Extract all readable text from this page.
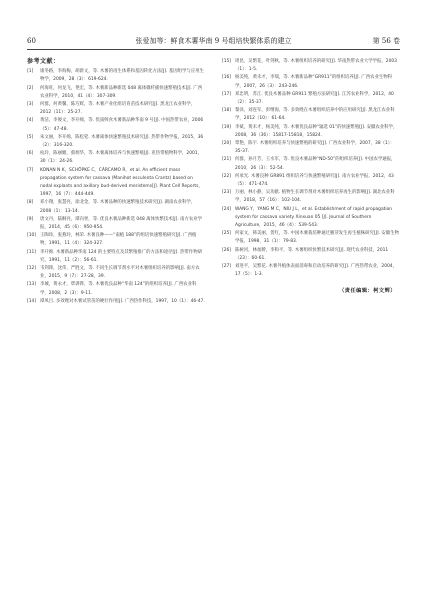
60	张爱加等：鲜食木薯华南 9 号组培快繁体系的建立	第 56 卷
参考文献：
[1]	康冬路，李海梅，胡新文，等. 木薯的再生体系和基因转化方法[J]. 基因组学与应用生物学，2009，28（3）：619-624.
[2]	何海旺，何龙飞，荛宏，等. 木薯新品种新选 048 离体微纤插快速繁殖技术[J]. 广西农业科学，2010，41（4）：307-309.
[3]	何群，何黄馨，陈巧辉，等. 木薯产业化组培育苗技术研究[J]. 黑龙江农业科学，2012（11）：25-27.
[4]	黄洁，李俊文，李开绵，等. 优质鲜食木薯新品种华南 9 号[J]. 中国热带农业，2006（5）：47-48.
[5]	朱文丽，李开绵，陈松笔. 木薯离体快速繁殖技术研究[J]. 热带作物学报，2015，36（2）：316-320.
[6]	杭玲，陈丽媚，蔡炳华，等. 木薯离体培养与快速繁殖[J]. 亚热带植物科学，2001，30（1）：24-26.
[7]	KONAN N K，SCHÖPKE C，CÁRCAMO R，et al. An efficient mass propagation system for cassava (Manihot esculenta Crantz) based on nodal explants and axillary bud-derived meristems[J]. Plant Cell Reports，1997，16（7）：444-449.
[8]	邓小翔，张慧亮，徐北金，等. 木薯品种的快速繁殖技术研究[J]. 湖南农业科学，2008（1）：13-14.
[9]	唐文丹，陆桐亮，谭向誉，等. 优良木薯品种新选 048 离体快繁技术[J]. 南方农业学报，2014，45（6）：950-954.
[10] 王陶珍，张燕玲，林荣. 木薯良种——“南植 188”的组培快速繁殖研究[J]. 广西植物，1991，11（4）：324-327.
[11] 李开绵. 木薯新品种华南 124 的主要特点及其繁殖推广的方法和途径[J]. 热带作物研究，1991，11（2）：56-61.
[12] 韦剑锋，沈伟，严胜文，等. 不同生长调节剂水平对木薯组织培养的影响[J]. 南方农业，2015，9（7）：27-28，39.
[13] 李城，黄永才，覃训铧，等. 木薯优良品种“华南 124”的组织培养[J]. 广西农业科学，2008，2（3）：9-11.
[14] 谭凤吕. 多效唑对木薯试管苗的硬壮作用[J]. 广西热作科技，1997，10（1）：46-47.
[15] 周昆，吴繁花，叶剑秋，等. 木薯组织培养的研究[J]. 华南热带农业大学学报，2003（1）：1-5.
[16] 杨美纯，黄未才，李瑞，等. 木薯新品种“GR911”的组织培养[J]. 广西农业生物科学，2007，26（3）：243-246.
[17] 邓忠明，苏江. 优良木薯品种 GR911 繁殖方法研究[J]. 江苏农业科学，2012，40（2）：35-37.
[18] 黎泽，刘连军，彭继海，等. 多效唑在木薯组织培养中的应用研究[J]. 黑龙江农业科学，2012（10）：61-64.
[19] 李斌，黄未才，杨美纯，等. 木薯优良品种“辐选 01”的快速繁殖[J]. 安徽农业科学，2008，36（36）：15817-15818，15824.
[20] 覃艳，陈宇. 木薯组织培养与快速繁殖的研究[J]. 广西农业科学，2007，38（1）：35-37.
[21] 何群，孙月芳，王水军，等. 优良木薯品种“ND-50”的组织培养[J]. 中国农学通报，2010，26（3）：52-54.
[22] 何承光. 木薯良种 GR891 组织培养与快速繁殖研究[J]. 南方农业学报，2012，43（5）：471-474.
[23] 万丽，林小静，吴功献. 植物生长调节剂对木薯组织培养再生的影响[J]. 湖北农业科学，2018，57（16）：102-104.
[24] WANG Y，YANG M C，NIU J L，et al. Establishment of rapid propagation system for cassava variety Xinxuan 05 [J]. Journal of Southern Agriculture，2015，46（4）：539-543.
[25] 何家文，韩美丽，贺红，等. 中国木薯栽培种通过腋芽发生再生植株研究[J]. 安徽生物学报，1998，31（1）：79-83.
[26] 陈树河，林加勝，李和平，等. 木薯组织快繁技术研究[J]. 现代农业科技，2011（23）：60-61.
[27] 刘进平，吴繁花. 木薯外植体表面消毒和启动培养的研究[J]. 广西热带农业，2004，17（5）：1-3.
（责任编辑：柯文辉）
